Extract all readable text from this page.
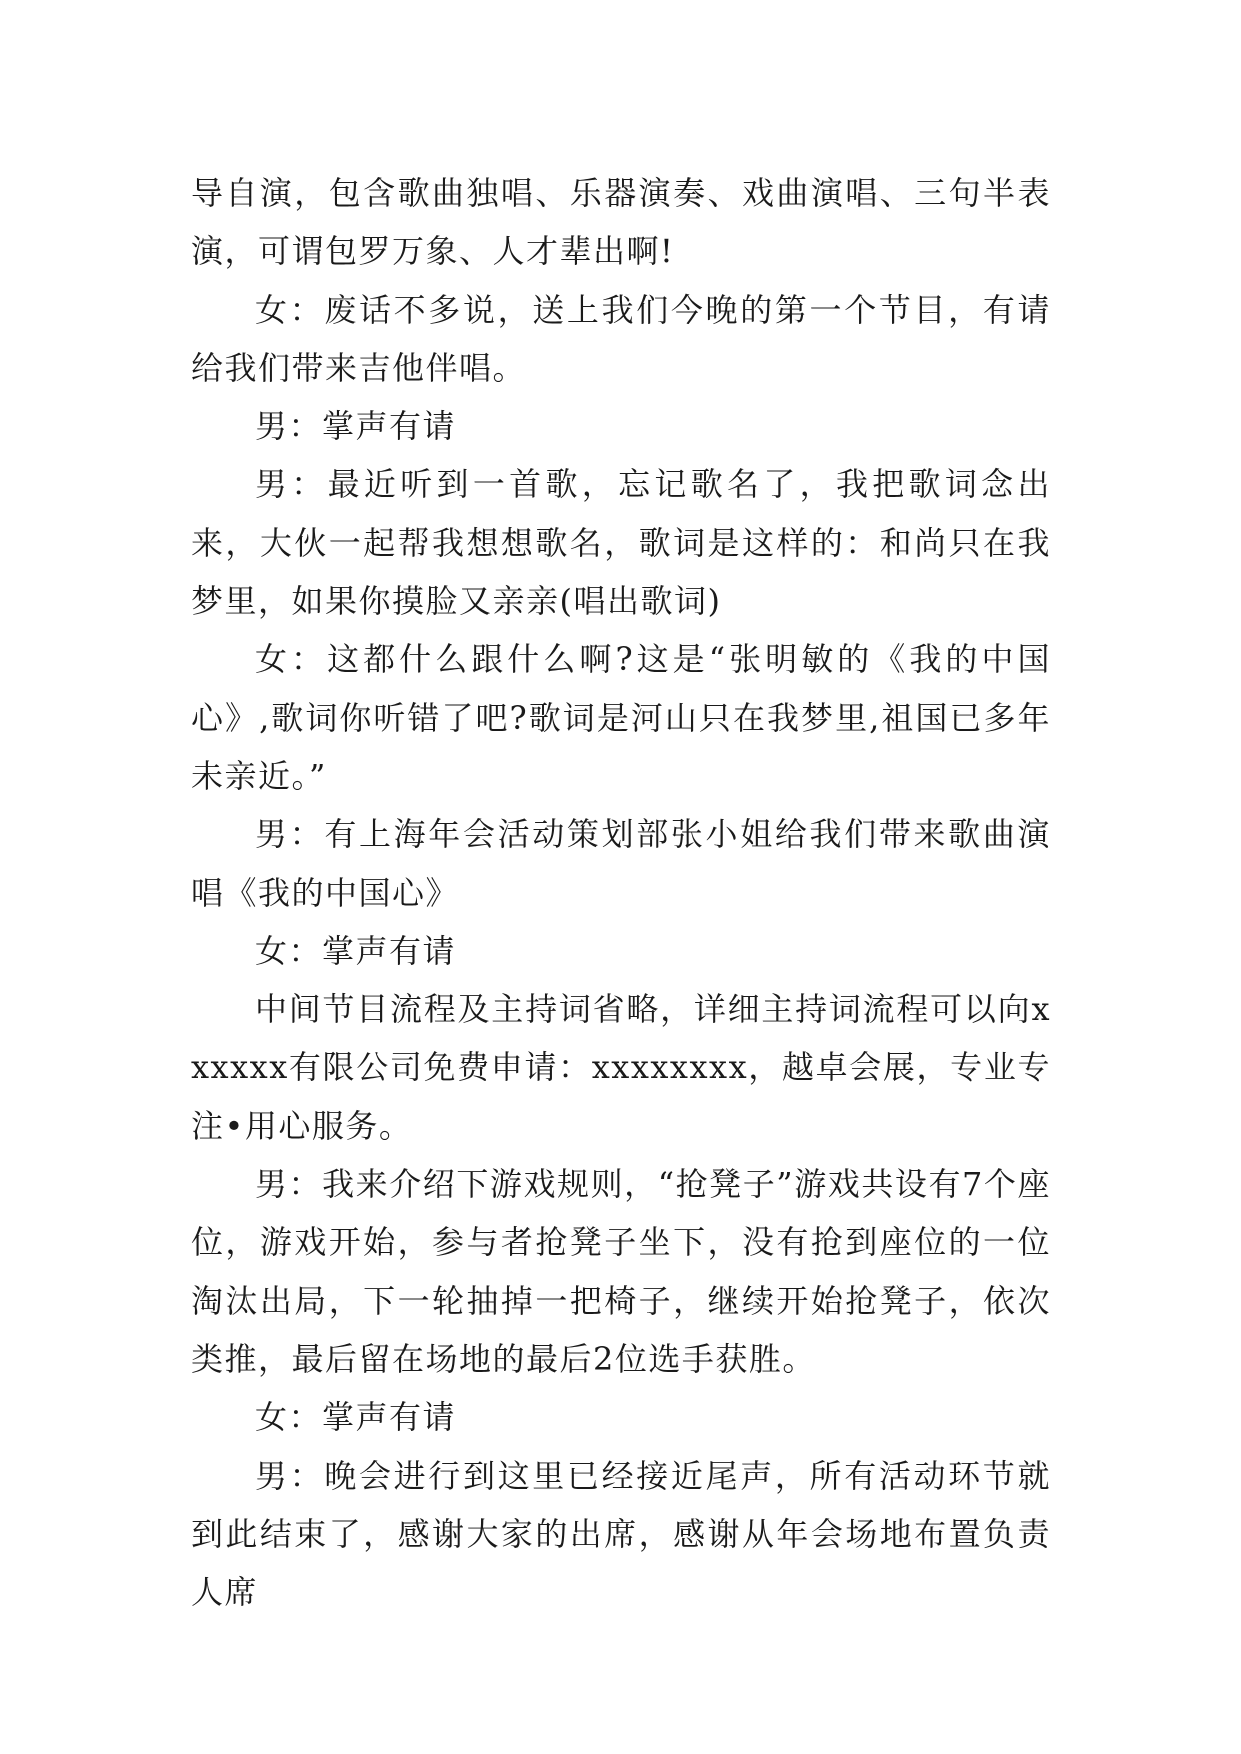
导自演，包含歌曲独唱、乐器演奏、戏曲演唱、三句半表演，可谓包罗万象、人才辈出啊!

女：废话不多说，送上我们今晚的第一个节目，有请给我们带来吉他伴唱。

男：掌声有请

男：最近听到一首歌，忘记歌名了，我把歌词念出来，大伙一起帮我想想歌名，歌词是这样的：和尚只在我梦里，如果你摸脸又亲亲(唱出歌词)

女：这都什么跟什么啊?这是“张明敏的《我的中国心》,歌词你听错了吧?歌词是河山只在我梦里,祖国已多年未亲近。”

男：有上海年会活动策划部张小姐给我们带来歌曲演唱《我的中国心》

女：掌声有请

中间节目流程及主持词省略，详细主持词流程可以向xxxxxx有限公司免费申请：xxxxxxxx，越卓会展，专业专注•用心服务。

男：我来介绍下游戏规则，“抢凳子”游戏共设有7个座位，游戏开始，参与者抢凳子坐下，没有抢到座位的一位淘汰出局，下一轮抽掉一把椅子，继续开始抢凳子，依次类推，最后留在场地的最后2位选手获胜。

女：掌声有请

男：晚会进行到这里已经接近尾声，所有活动环节就到此结束了，感谢大家的出席，感谢从年会场地布置负责人席
